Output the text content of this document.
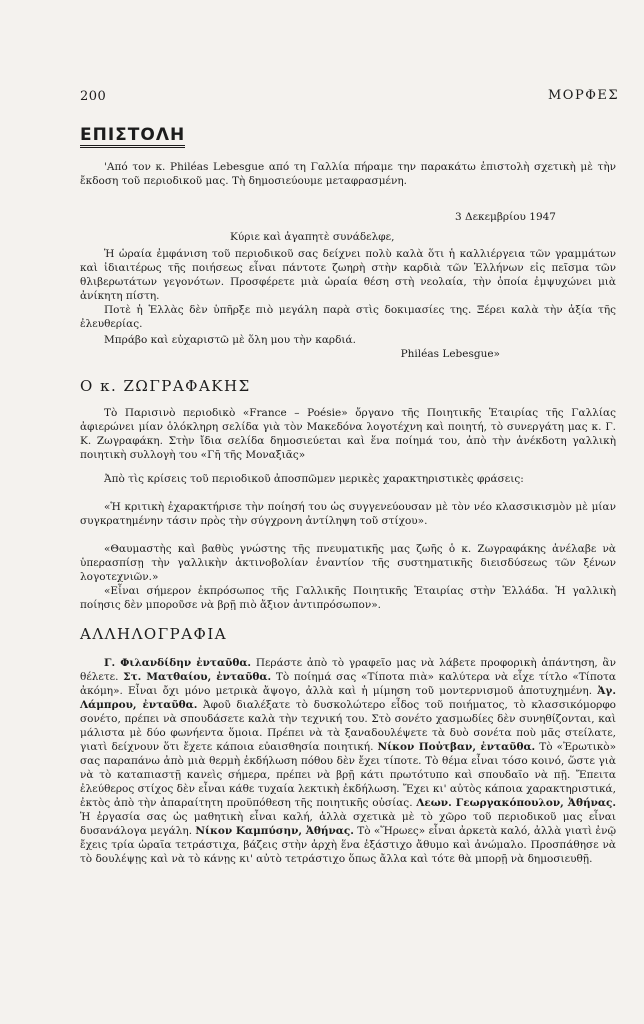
200	ΜΟΡΦΕΣ
ΕΠΙΣΤΟΛΗ

'Από τον κ. Philéas Lebesgue από τη Γαλλία πήραμε την παρακάτω ἐπιστολὴ σχετικὴ μὲ τὴν ἔκδοση τοῦ περιοδικοῦ μας. Τὴ δημοσιεύουμε μεταφρασμένη.

3 Δεκεμβρίου 1947

Κύριε καὶ ἀγαπητὲ συνάδελφε,

Ἡ ὡραία ἐμφάνιση τοῦ περιοδικοῦ σας δείχνει πολὺ καλὰ ὅτι ἡ καλλιέργεια τῶν γραμμάτων καὶ ἰδιαιτέρως τῆς ποιήσεως εἶναι πάντοτε ζωηρὴ στὴν καρδιὰ τῶν Ἑλλήνων εἰς πεῖσμα τῶν θλιβερωτάτων γεγονότων. Προσφέρετε μιὰ ὡραία θέση στὴ νεολαία, τὴν ὁποία ἐμψυχώνει μιὰ ἀνίκητη πίστη.

Ποτὲ ἡ Ἑλλὰς δὲν ὑπῆρξε πιὸ μεγάλη παρὰ στὶς δοκιμασίες της. Ξέρει καλὰ τὴν ἀξία τῆς ἐλευθερίας.

Μπράβο καὶ εὐχαριστῶ μὲ ὅλη μου τὴν καρδιά.

Philéas Lebesgue»

Ο κ. ΖΩΓΡΑΦΑΚΗΣ

Τὸ Παρισινὸ περιοδικὸ «France – Poésie» ὄργανο τῆς Ποιητικῆς Ἑταιρίας τῆς Γαλλίας ἀφιερώνει μίαν ὁλόκληρη σελίδα γιὰ τὸν Μακεδόνα λογοτέχνη καὶ ποιητή, τὸ συνεργάτη μας κ. Γ. Κ. Ζωγραφάκη. Στὴν ἴδια σελίδα δημοσιεύεται καὶ ἕνα ποίημά του, ἀπὸ τὴν ἀνέκδοτη γαλλικὴ ποιητικὴ συλλογὴ του «Γῆ τῆς Μοναξιᾶς»

Ἀπὸ τὶς κρίσεις τοῦ περιοδικοῦ ἀποσπῶμεν μερικὲς χαρακτηριστικὲς φράσεις:

«Ἡ κριτικὴ ἐχαρακτήρισε τὴν ποίησή του ὡς συγγενεύουσαν μὲ τὸν νέο κλασσικισμὸν μὲ μίαν συγκρατημένην τάσιν πρὸς τὴν σύγχρονη ἀντίληψη τοῦ στίχου».

«Θαυμαστὴς καὶ βαθὺς γνώστης τῆς πνευματικῆς μας ζωῆς ὁ κ. Ζωγραφάκης ἀνέλαβε νὰ ὑπερασπίσῃ τὴν γαλλικὴν ἀκτινοβολίαν ἐναντίον τῆς συστηματικῆς διεισδύσεως τῶν ξένων λογοτεχνιῶν.»

«Εἶναι σήμερον ἐκπρόσωπος τῆς Γαλλικῆς Ποιητικῆς Ἑταιρίας στὴν Ἑλλάδα. Ἡ γαλλικὴ ποίησις δὲν μποροῦσε νὰ βρῇ πιὸ ἄξιον ἀντιπρόσωπον».

ΑΛΛΗΛΟΓΡΑΦΙΑ

Γ. Φιλανδίδην ἐνταῦθα. Περάστε ἀπὸ τὸ γραφεῖο μας νὰ λάβετε προφορικὴ ἀπάντηση, ἂν θέλετε. Στ. Ματθαίου, ἐνταῦθα. Τὸ ποίημά σας «Τίποτα πιὰ» καλύτερα νὰ εἶχε τίτλο «Τίποτα ἀκόμη». Εἶναι ὄχι μόνο μετρικὰ ἄψογο, ἀλλὰ καὶ ἡ μίμηση τοῦ μοντερνισμοῦ ἀποτυχημένη. Ἀγ. Λάμπρου, ἐνταῦθα. Ἀφοῦ διαλέξατε τὸ δυσκολώτερο εἶδος τοῦ ποιήματος, τὸ κλασσικόμορφο σονέτο, πρέπει νὰ σπουδάσετε καλὰ τὴν τεχνική του. Στὸ σονέτο χασμωδίες δὲν συνηθίζονται, καὶ μάλιστα μὲ δύο φωνήεντα ὅμοια. Πρέπει νὰ τὰ ξαναδουλέψετε τὰ δυὸ σονέτα ποὺ μᾶς στείλατε, γιατὶ δείχνουν ὅτι ἔχετε κάποια εὐαισθησία ποιητική. Νίκον Ποὐτβαν, ἐνταῦθα. Τὸ «Ἐρωτικὸ» σας παραπάνω ἀπὸ μιὰ θερμὴ ἐκδήλωση πόθου δὲν ἔχει τίποτε. Τὸ θέμα εἶναι τόσο κοινό, ὥστε γιὰ νὰ τὸ καταπιαστῇ κανεὶς σήμερα, πρέπει νὰ βρῇ κάτι πρωτότυπο καὶ σπουδαῖο νὰ πῇ. Ἔπειτα ἐλεύθερος στίχος δὲν εἶναι κάθε τυχαία λεκτικὴ ἐκδήλωση. Ἔχει κι' αὐτὸς κάποια χαρακτηριστικά, ἐκτὸς ἀπὸ τὴν ἀπαραίτητη προϋπόθεση τῆς ποιητικῆς οὐσίας. Λεων. Γεωργακόπουλον, Ἀθήνας. Ἡ ἐργασία σας ὡς μαθητικὴ εἶναι καλή, ἀλλὰ σχετικὰ μὲ τὸ χῶρο τοῦ περιοδικοῦ μας εἶναι δυσανάλογα μεγάλη. Νίκον Καμπύσην, Ἀθήνας. Τὸ «Ἥρωες» εἶναι ἀρκετὰ καλό, ἀλλὰ γιατὶ ἐνῷ ἔχεις τρία ὡραῖα τετράστιχα, βάζεις στὴν ἀρχὴ ἕνα ἑξάστιχο ἄθυμο καὶ ἀνώμαλο. Προσπάθησε νὰ τὸ δουλέψῃς καὶ νὰ τὸ κάνῃς κι' αὐτὸ τετράστιχο ὅπως ἄλλα καὶ τότε θὰ μπορῇ νὰ δημοσιευθῇ.
